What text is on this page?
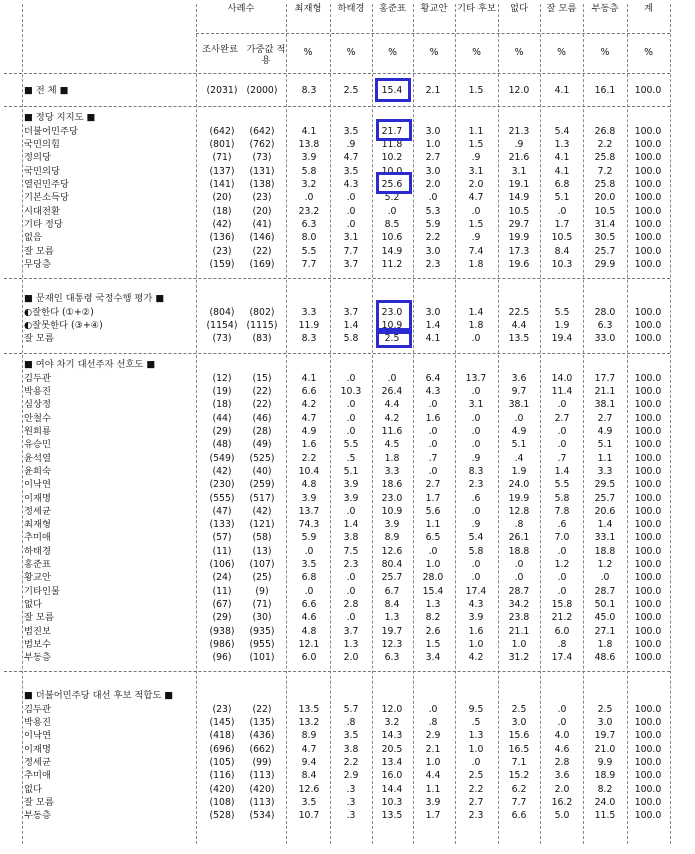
사례수
조사완료 가중값 적용
최재형	하태경	홍준표	황교안	기타 후보	없다	잘 모름	부동층	계
%	%	%	%	%	%	%	%	%
■ 전 체 ■	(2031) (2000)	8.3	2.5	15.4	2.1	1.5	12.0	4.1	16.1	100.0
■ 정당 지지도 ■
더불어민주당	(642)	(642)	4.1	3.5	21.7	3.0	1.1	21.3	5.4	26.8	100.0
국민의힘	(801)	(762)	13.8	.9	11.8	1.0	1.5	.9	1.3	2.2	100.0
정의당	(71)	(73)	3.9	4.7	10.2	2.7	.9	21.6	4.1	25.8	100.0
국민의당	(137)	(131)	5.8	3.5	10.0	3.0	3.1	3.1	4.1	7.2	100.0
열린민주당	(141)	(138)	3.2	4.3	25.6	2.0	2.0	19.1	6.8	25.8	100.0
기본소득당	(20)	(23)	.0	.0	5.2	.0	4.7	14.9	5.1	20.0	100.0
시대전환	(18)	(20)	23.2	.0	.0	5.3	.0	10.5	.0	10.5	100.0
기타 정당	(42)	(41)	6.3	.0	8.5	5.9	1.5	29.7	1.7	31.4	100.0
없음	(136)	(146)	8.0	3.1	10.6	2.2	.9	19.9	10.5	30.5	100.0
잘 모름	(23)	(22)	5.5	7.7	14.9	3.0	7.4	17.3	8.4	25.7	100.0
무당층	(159)	(169)	7.7	3.7	11.2	2.3	1.8	19.6	10.3	29.9	100.0
■ 문재인 대통령 국정수행 평가 ■
◐잘한다 (①+②)	(804)	(802)	3.3	3.7	23.0	3.0	1.4	22.5	5.5	28.0	100.0
◐잘못한다 (③+④)	(1154) (1115)	11.9	1.4	10.9	1.4	1.8	4.4	1.9	6.3	100.0
잘 모름	(73)	(83)	8.3	5.8	2.5	4.1	.0	13.5	19.4	33.0	100.0
■ 여야 차기 대선주자 선호도 ■
김두관	(12)	(15)	4.1	.0	.0	6.4	13.7	3.6	14.0	17.7	100.0
박용진	(19)	(22)	6.6	10.3	26.4	4.3	.0	9.7	11.4	21.1	100.0
심상정	(18)	(22)	4.2	.0	4.4	.0	3.1	38.1	.0	38.1	100.0
안철수	(44)	(46)	4.7	.0	4.2	1.6	.0	.0	2.7	2.7	100.0
원희룡	(29)	(28)	4.9	.0	11.6	.0	.0	4.9	.0	4.9	100.0
유승민	(48)	(49)	1.6	5.5	4.5	.0	.0	5.1	.0	5.1	100.0
윤석열	(549)	(525)	2.2	.5	1.8	.7	.9	.4	.7	1.1	100.0
윤희숙	(42)	(40)	10.4	5.1	3.3	.0	8.3	1.9	1.4	3.3	100.0
이낙연	(230)	(259)	4.8	3.9	18.6	2.7	2.3	24.0	5.5	29.5	100.0
이재명	(555)	(517)	3.9	3.9	23.0	1.7	.6	19.9	5.8	25.7	100.0
정세균	(47)	(42)	13.7	.0	10.9	5.6	.0	12.8	7.8	20.6	100.0
최재형	(133)	(121)	74.3	1.4	3.9	1.1	.9	.8	.6	1.4	100.0
추미애	(57)	(58)	5.9	3.8	8.9	6.5	5.4	26.1	7.0	33.1	100.0
하태경	(11)	(13)	.0	7.5	12.6	.0	5.8	18.8	.0	18.8	100.0
홍준표	(106)	(107)	3.5	2.3	80.4	1.0	.0	.0	1.2	1.2	100.0
황교안	(24)	(25)	6.8	.0	25.7	28.0	.0	.0	.0	.0	100.0
기타인물	(11)	(9)	.0	.0	6.7	15.4	17.4	28.7	.0	28.7	100.0
없다	(67)	(71)	6.6	2.8	8.4	1.3	4.3	34.2	15.8	50.1	100.0
잘 모름	(29)	(30)	4.6	.0	1.3	8.2	3.9	23.8	21.2	45.0	100.0
범진보	(938)	(935)	4.8	3.7	19.7	2.6	1.6	21.1	6.0	27.1	100.0
범보수	(986)	(955)	12.1	1.3	12.3	1.5	1.0	1.0	.8	1.8	100.0
부동층	(96)	(101)	6.0	2.0	6.3	3.4	4.2	31.2	17.4	48.6	100.0
■ 더불어민주당 대선 후보 적합도 ■
김두관	(23)	(22)	13.5	5.7	12.0	.0	9.5	2.5	.0	2.5	100.0
박용진	(145)	(135)	13.2	.8	3.2	.8	.5	3.0	.0	3.0	100.0
이낙연	(418)	(436)	8.9	3.5	14.3	2.9	1.3	15.6	4.0	19.7	100.0
이재명	(696)	(662)	4.7	3.8	20.5	2.1	1.0	16.5	4.6	21.0	100.0
정세균	(105)	(99)	9.4	2.2	13.4	1.0	.0	7.1	2.8	9.9	100.0
추미애	(116)	(113)	8.4	2.9	16.0	4.4	2.5	15.2	3.6	18.9	100.0
없다	(420)	(420)	12.6	.3	14.4	1.1	2.2	6.2	2.0	8.2	100.0
잘 모름	(108)	(113)	3.5	.3	10.3	3.9	2.7	7.7	16.2	24.0	100.0
부동층	(528)	(534)	10.7	.3	13.5	1.7	2.3	6.6	5.0	11.5	100.0
